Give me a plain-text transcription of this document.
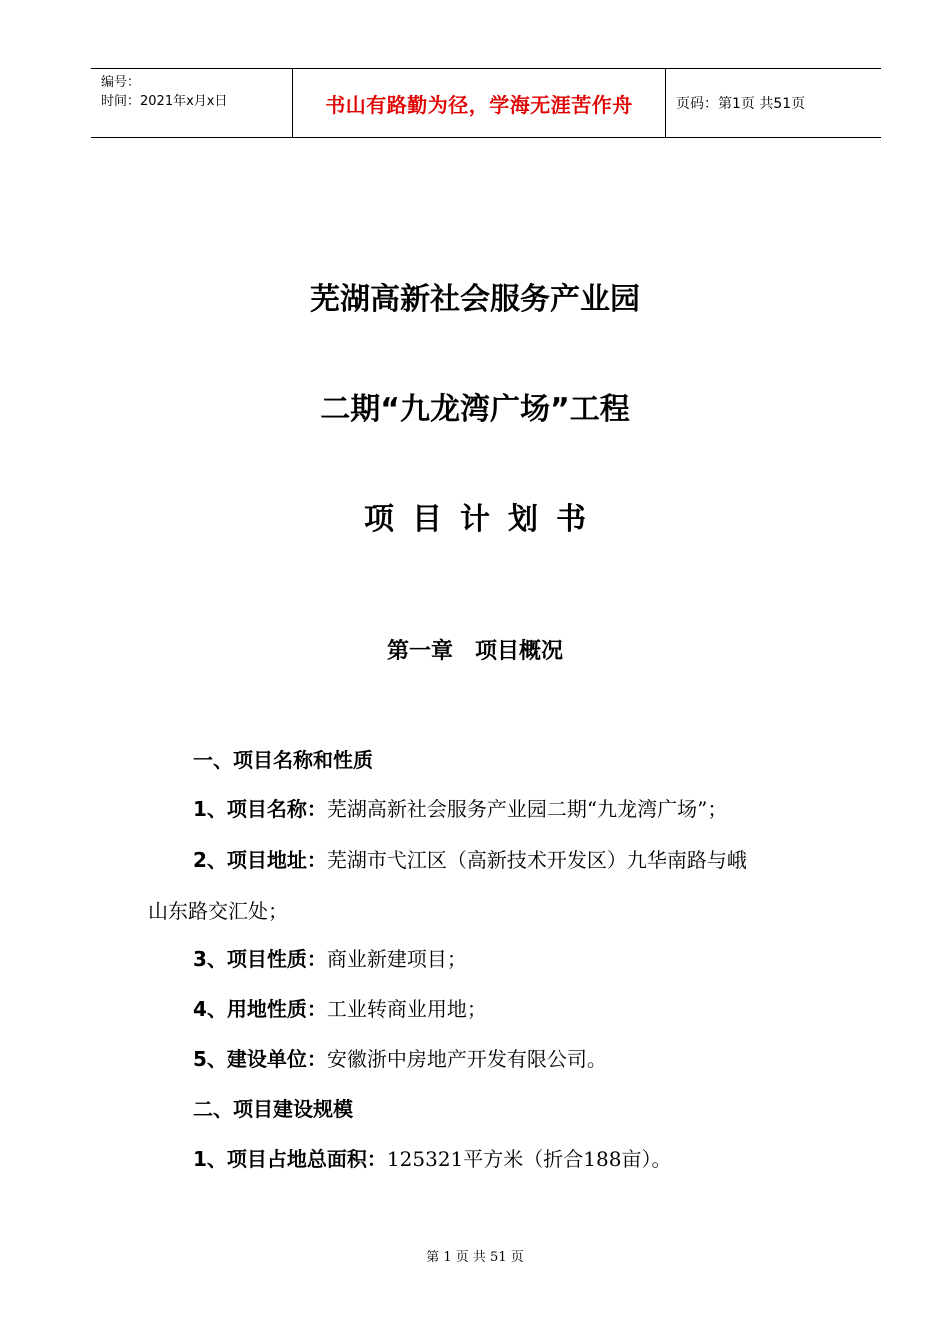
编号：
时间：2021年x月x日	书山有路勤为径，学海无涯苦作舟	页码：第1页 共51页
芜湖高新社会服务产业园
二期“九龙湾广场”工程
项目计划书
第一章　项目概况
一、项目名称和性质
1、项目名称：芜湖高新社会服务产业园二期“九龙湾广场”；
2、项目地址：芜湖市弋江区（高新技术开发区）九华南路与峨
山东路交汇处；
3、项目性质：商业新建项目；
4、用地性质：工业转商业用地；
5、建设单位：安徽浙中房地产开发有限公司。
二、项目建设规模
1、项目占地总面积：125321平方米（折合188亩）。
第 1 页 共 51 页
